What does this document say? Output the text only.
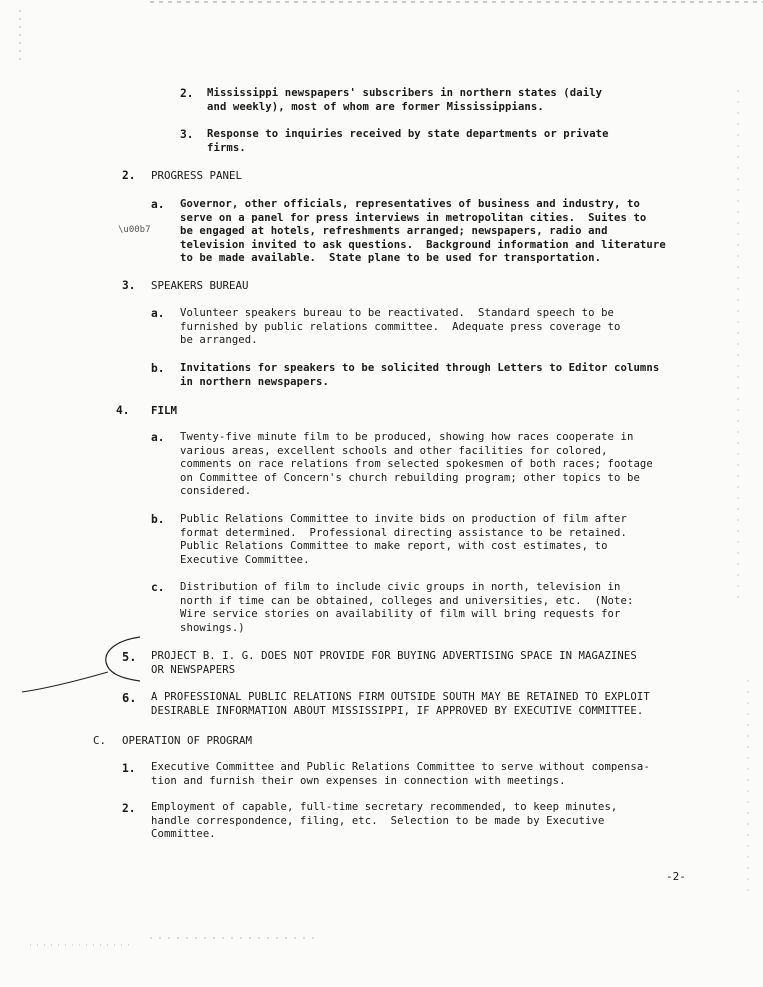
2. Mississippi newspapers' subscribers in northern states (daily
and weekly), most of whom are former Mississippians.
3. Response to inquiries received by state departments or private
firms.
2. PROGRESS PANEL
a. Governor, other officials, representatives of business and industry, to
serve on a panel for press interviews in metropolitan cities.  Suites to
be engaged at hotels, refreshments arranged; newspapers, radio and
television invited to ask questions.  Background information and literature
to be made available.  State plane to be used for transportation.
3. SPEAKERS BUREAU
a. Volunteer speakers bureau to be reactivated.  Standard speech to be
furnished by public relations committee.  Adequate press coverage to
be arranged.
b. Invitations for speakers to be solicited through Letters to Editor columns
in northern newspapers.
4. FILM
a. Twenty-five minute film to be produced, showing how races cooperate in
various areas, excellent schools and other facilities for colored,
comments on race relations from selected spokesmen of both races; footage
on Committee of Concern's church rebuilding program; other topics to be
considered.
b. Public Relations Committee to invite bids on production of film after
format determined.  Professional directing assistance to be retained.
Public Relations Committee to make report, with cost estimates, to
Executive Committee.
c. Distribution of film to include civic groups in north, television in
north if time can be obtained, colleges and universities, etc.  (Note:
Wire service stories on availability of film will bring requests for
showings.)
5. PROJECT B. I. G. DOES NOT PROVIDE FOR BUYING ADVERTISING SPACE IN MAGAZINES
OR NEWSPAPERS
6. A PROFESSIONAL PUBLIC RELATIONS FIRM OUTSIDE SOUTH MAY BE RETAINED TO EXPLOIT
DESIRABLE INFORMATION ABOUT MISSISSIPPI, IF APPROVED BY EXECUTIVE COMMITTEE.
C. OPERATION OF PROGRAM
1. Executive Committee and Public Relations Committee to serve without compensa-
tion and furnish their own expenses in connection with meetings.
2. Employment of capable, full-time secretary recommended, to keep minutes,
handle correspondence, filing, etc.  Selection to be made by Executive
Committee.
-2-
\u00b7
